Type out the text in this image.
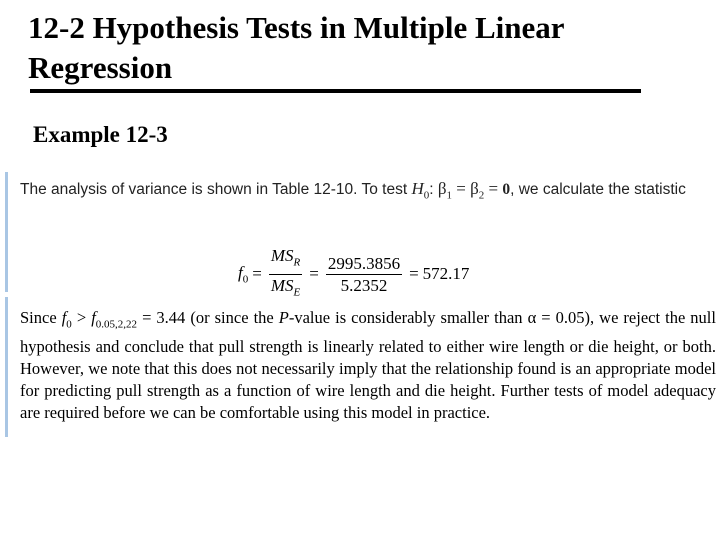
12-2 Hypothesis Tests in Multiple Linear Regression
Example 12-3
The analysis of variance is shown in Table 12-10. To test $H_0$: $\beta_1 = \beta_2 = 0$, we calculate the statistic
$f_0 = \frac{MS_R}{MS_E} = \frac{2995.3856}{5.2352} = 572.17$
Since $f_0 > f_{0.05,2,22} = 3.44$ (or since the P-value is considerably smaller than α = 0.05), we reject the null hypothesis and conclude that pull strength is linearly related to either wire length or die height, or both. However, we note that this does not necessarily imply that the relationship found is an appropriate model for predicting pull strength as a function of wire length and die height. Further tests of model adequacy are required before we can be comfortable using this model in practice.
